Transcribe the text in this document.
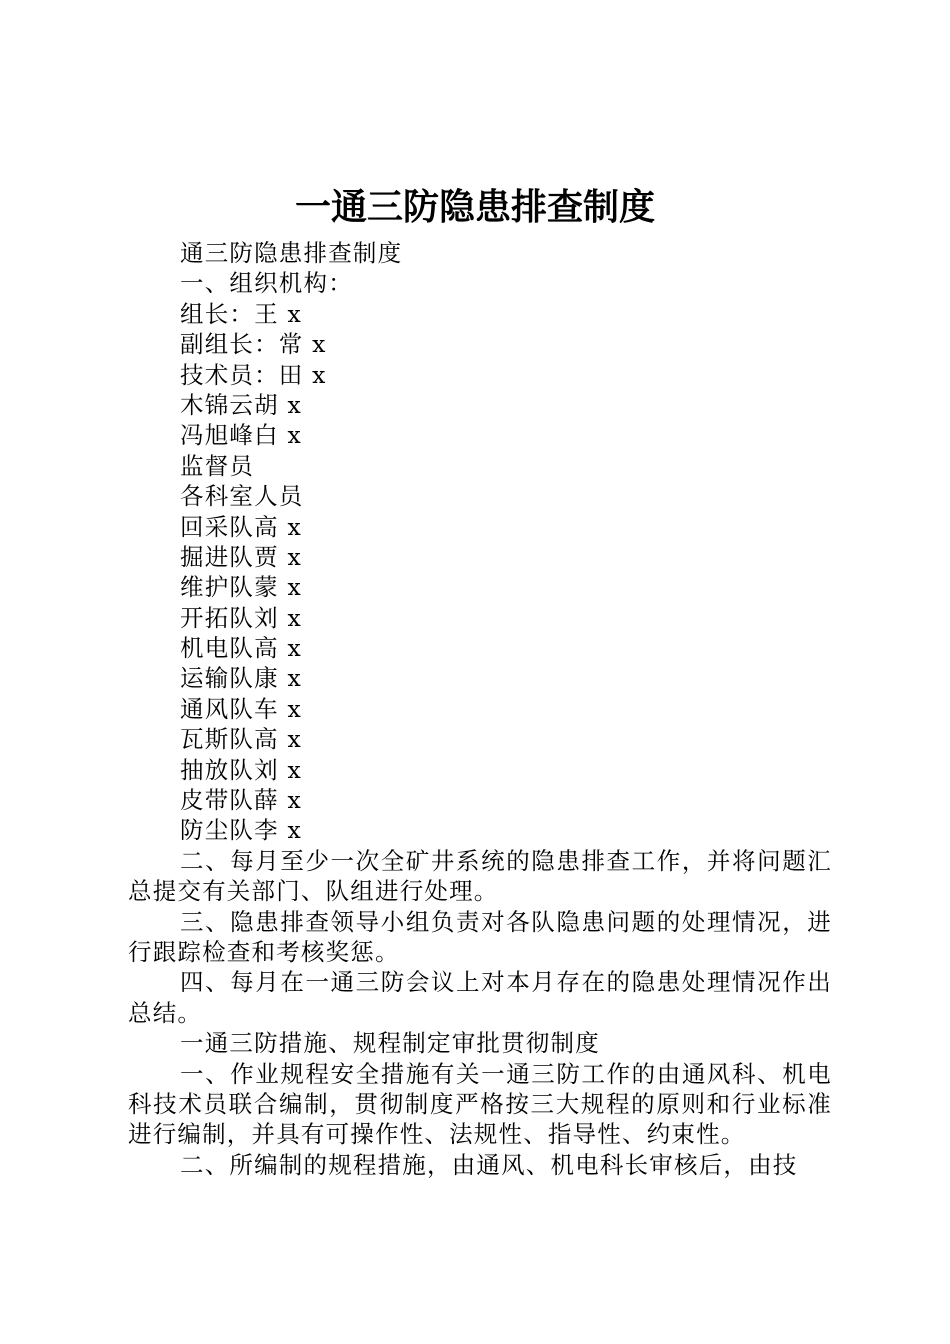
一通三防隐患排查制度
通三防隐患排查制度
一、组织机构：
组长：王 x
副组长：常 x
技术员：田 x
木锦云胡 x
冯旭峰白 x
监督员
各科室人员
回采队高 x
掘进队贾 x
维护队蒙 x
开拓队刘 x
机电队高 x
运输队康 x
通风队车 x
瓦斯队高 x
抽放队刘 x
皮带队薛 x
防尘队李 x
二、每月至少一次全矿井系统的隐患排查工作，并将问题汇总提交有关部门、队组进行处理。
三、隐患排查领导小组负责对各队隐患问题的处理情况，进行跟踪检查和考核奖惩。
四、每月在一通三防会议上对本月存在的隐患处理情况作出总结。
一通三防措施、规程制定审批贯彻制度
一、作业规程安全措施有关一通三防工作的由通风科、机电科技术员联合编制，贯彻制度严格按三大规程的原则和行业标准进行编制，并具有可操作性、法规性、指导性、约束性。
二、所编制的规程措施，由通风、机电科长审核后，由技
